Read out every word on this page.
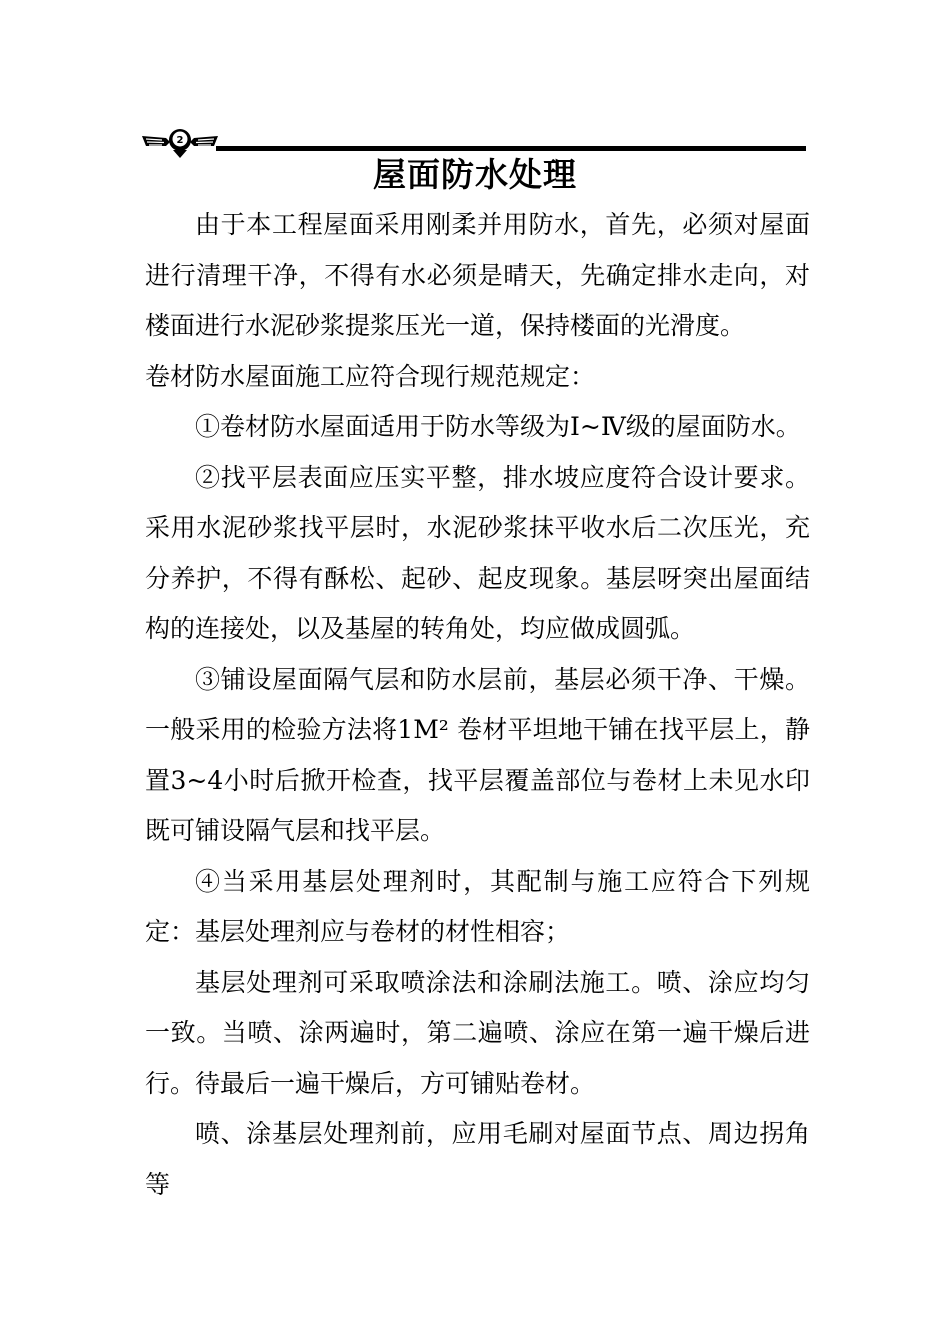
2
屋面防水处理

由于本工程屋面采用刚柔并用防水，首先，必须对屋面进行清理干净，不得有水必须是晴天，先确定排水走向，对楼面进行水泥砂浆提浆压光一道，保持楼面的光滑度。

卷材防水屋面施工应符合现行规范规定：

①卷材防水屋面适用于防水等级为Ⅰ~Ⅳ级的屋面防水。

②找平层表面应压实平整，排水坡应度符合设计要求。采用水泥砂浆找平层时，水泥砂浆抹平收水后二次压光，充分养护，不得有酥松、起砂、起皮现象。基层呀突出屋面结构的连接处，以及基屋的转角处，均应做成圆弧。

③铺设屋面隔气层和防水层前，基层必须干净、干燥。一般采用的检验方法将1M² 卷材平坦地干铺在找平层上，静置3~4小时后掀开检查，找平层覆盖部位与卷材上未见水印既可铺设隔气层和找平层。

④当采用基层处理剂时，其配制与施工应符合下列规定：基层处理剂应与卷材的材性相容；

基层处理剂可采取喷涂法和涂刷法施工。喷、涂应均匀一致。当喷、涂两遍时，第二遍喷、涂应在第一遍干燥后进行。待最后一遍干燥后，方可铺贴卷材。

喷、涂基层处理剂前，应用毛刷对屋面节点、周边拐角等
